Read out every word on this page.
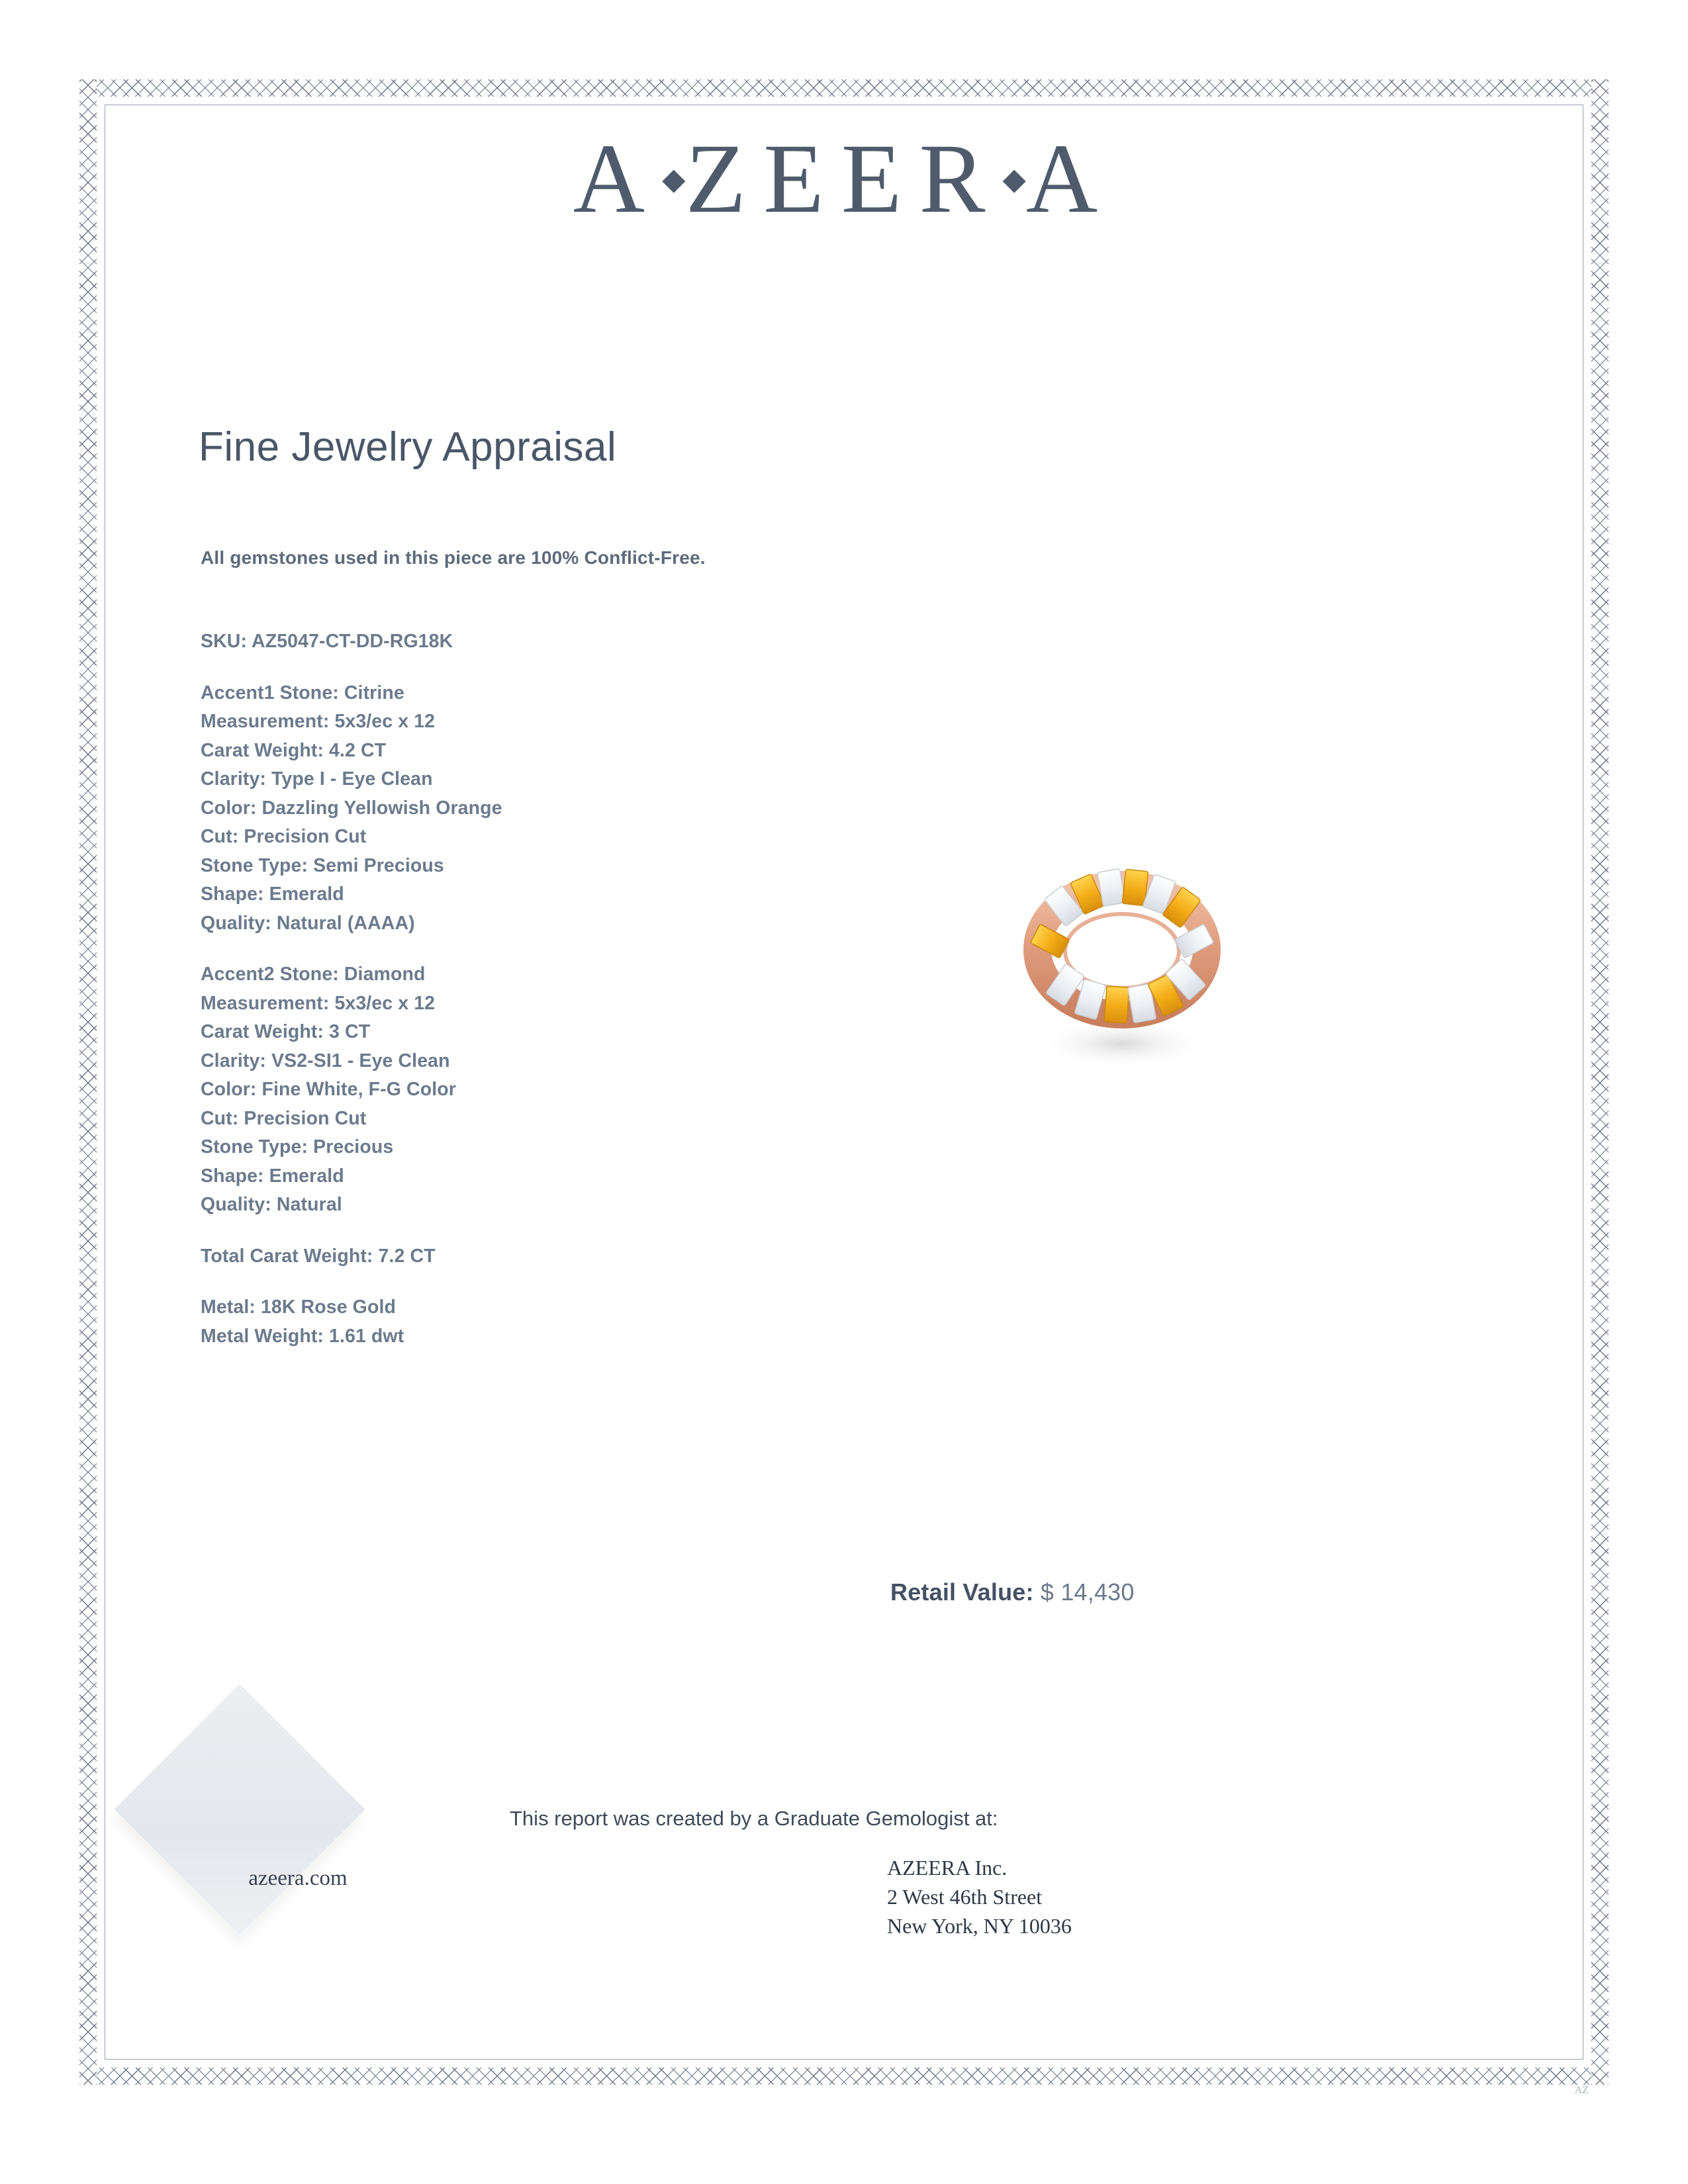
A◆ZEER◆A
Fine Jewelry Appraisal
All gemstones used in this piece are 100% Conflict-Free.
SKU: AZ5047-CT-DD-RG18K
Accent1 Stone: Citrine
Measurement: 5x3/ec x 12
Carat Weight: 4.2 CT
Clarity: Type I - Eye Clean
Color: Dazzling Yellowish Orange
Cut: Precision Cut
Stone Type: Semi Precious
Shape: Emerald
Quality: Natural (AAAA)
Accent2 Stone: Diamond
Measurement: 5x3/ec x 12
Carat Weight: 3 CT
Clarity: VS2-SI1 - Eye Clean
Color: Fine White, F-G Color
Cut: Precision Cut
Stone Type: Precious
Shape: Emerald
Quality: Natural
Total Carat Weight: 7.2 CT
Metal: 18K Rose Gold
Metal Weight: 1.61 dwt
Retail Value: $ 14,430
This report was created by a Graduate Gemologist at:
AZEERA Inc.
2 West 46th Street
New York, NY 10036
azeera.com
AZ
